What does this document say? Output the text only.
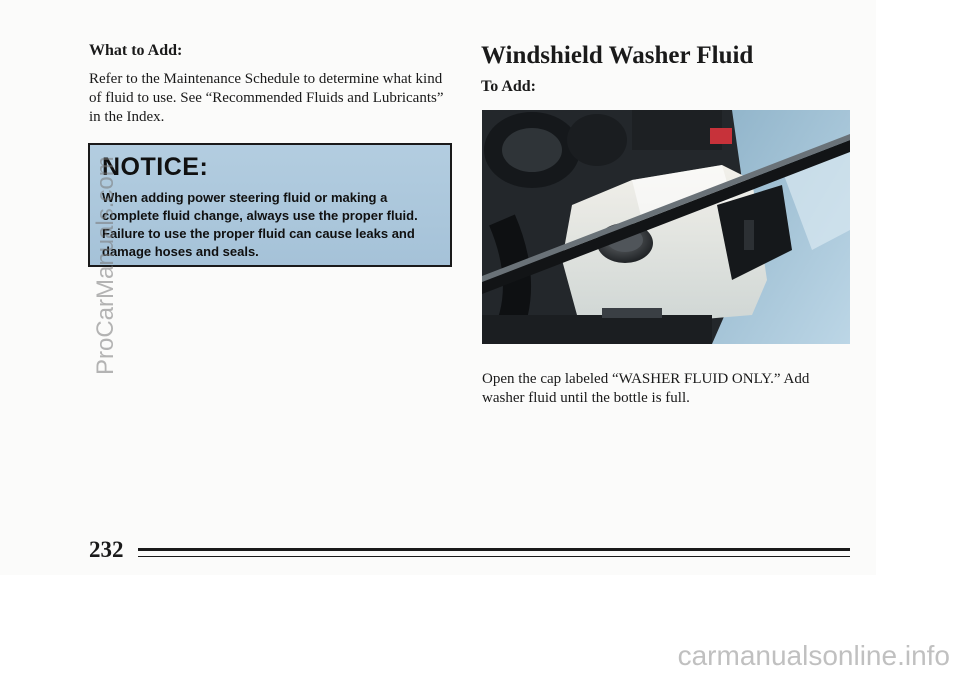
What to Add:

Refer to the Maintenance Schedule to determine what kind of fluid to use. See “Recommended Fluids and Lubricants” in the Index.

NOTICE:
When adding power steering fluid or making a complete fluid change, always use the proper fluid. Failure to use the proper fluid can cause leaks and damage hoses and seals.
Windshield Washer Fluid
To Add:

Open the cap labeled “WASHER FLUID ONLY.” Add washer fluid until the bottle is full.

232
ProCarManuals.com
carmanualsonline.info
